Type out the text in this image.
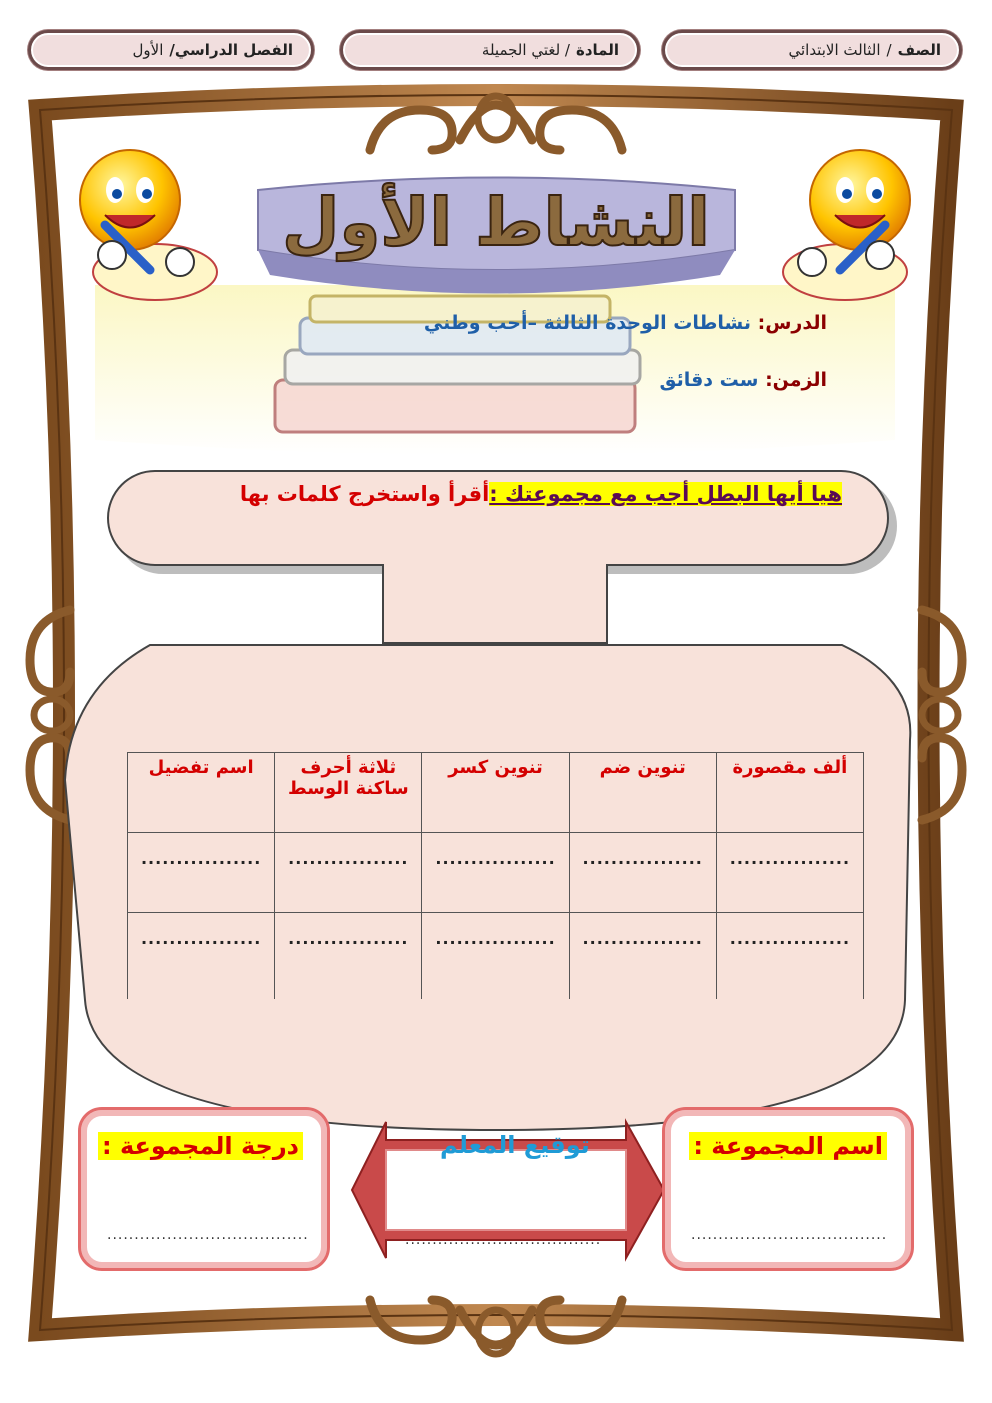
النشاط الأول
الصف
/
الثالث الابتدائي
المادة
/ لغتي الجميلة
الفصل الدراسي/
الأول
الدرس: نشاطات الوحدة الثالثة –أحب وطني
الزمن: ست دقائق
هيا أيها البطل أجب مع مجموعتك :أقرأ واستخرج كلمات بها
ألف مقصورة	تنوين ضم	تنوين كسر	ثلاثة أحرف ساكنة الوسط	اسم تفضيل
.................	.................	.................	.................	.................
.................	.................	.................	.................	.................
اسم المجموعة :
....................................
توقيع المعلم
....................................
درجة المجموعة :
.....................................
